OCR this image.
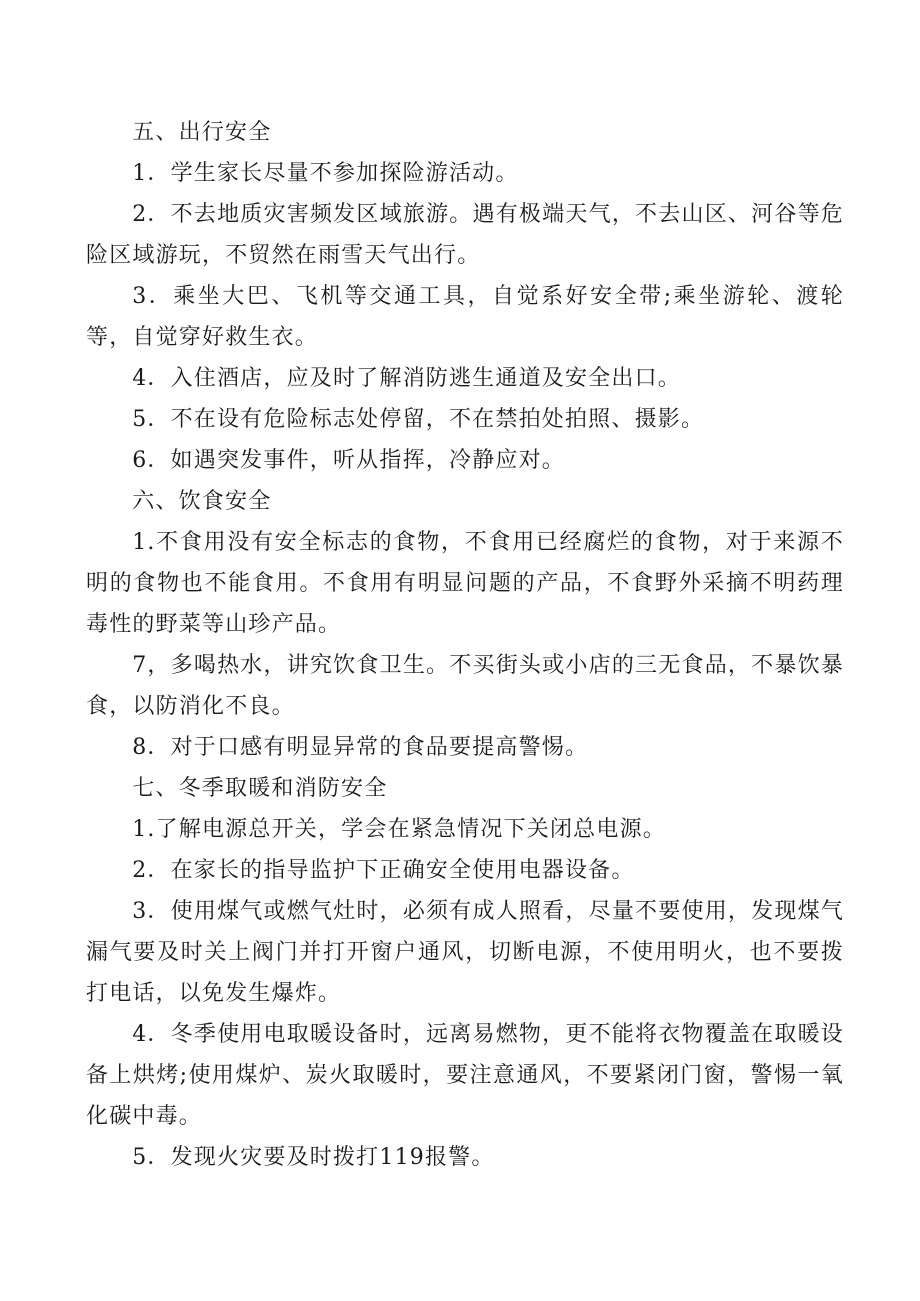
五、出行安全

1．学生家长尽量不参加探险游活动。

2．不去地质灾害频发区域旅游。遇有极端天气，不去山区、河谷等危险区域游玩，不贸然在雨雪天气出行。

3．乘坐大巴、飞机等交通工具，自觉系好安全带;乘坐游轮、渡轮等，自觉穿好救生衣。

4．入住酒店，应及时了解消防逃生通道及安全出口。

5．不在设有危险标志处停留，不在禁拍处拍照、摄影。

6．如遇突发事件，听从指挥，冷静应对。

六、饮食安全

1.不食用没有安全标志的食物，不食用已经腐烂的食物，对于来源不明的食物也不能食用。不食用有明显问题的产品，不食野外采摘不明药理毒性的野菜等山珍产品。

7，多喝热水，讲究饮食卫生。不买街头或小店的三无食品，不暴饮暴食，以防消化不良。

8．对于口感有明显异常的食品要提高警惕。

七、冬季取暖和消防安全

1.了解电源总开关，学会在紧急情况下关闭总电源。

2．在家长的指导监护下正确安全使用电器设备。

3．使用煤气或燃气灶时，必须有成人照看，尽量不要使用，发现煤气漏气要及时关上阀门并打开窗户通风，切断电源，不使用明火，也不要拨打电话，以免发生爆炸。

4．冬季使用电取暖设备时，远离易燃物，更不能将衣物覆盖在取暖设备上烘烤;使用煤炉、炭火取暖时，要注意通风，不要紧闭门窗，警惕一氧化碳中毒。

5．发现火灾要及时拨打119报警。
